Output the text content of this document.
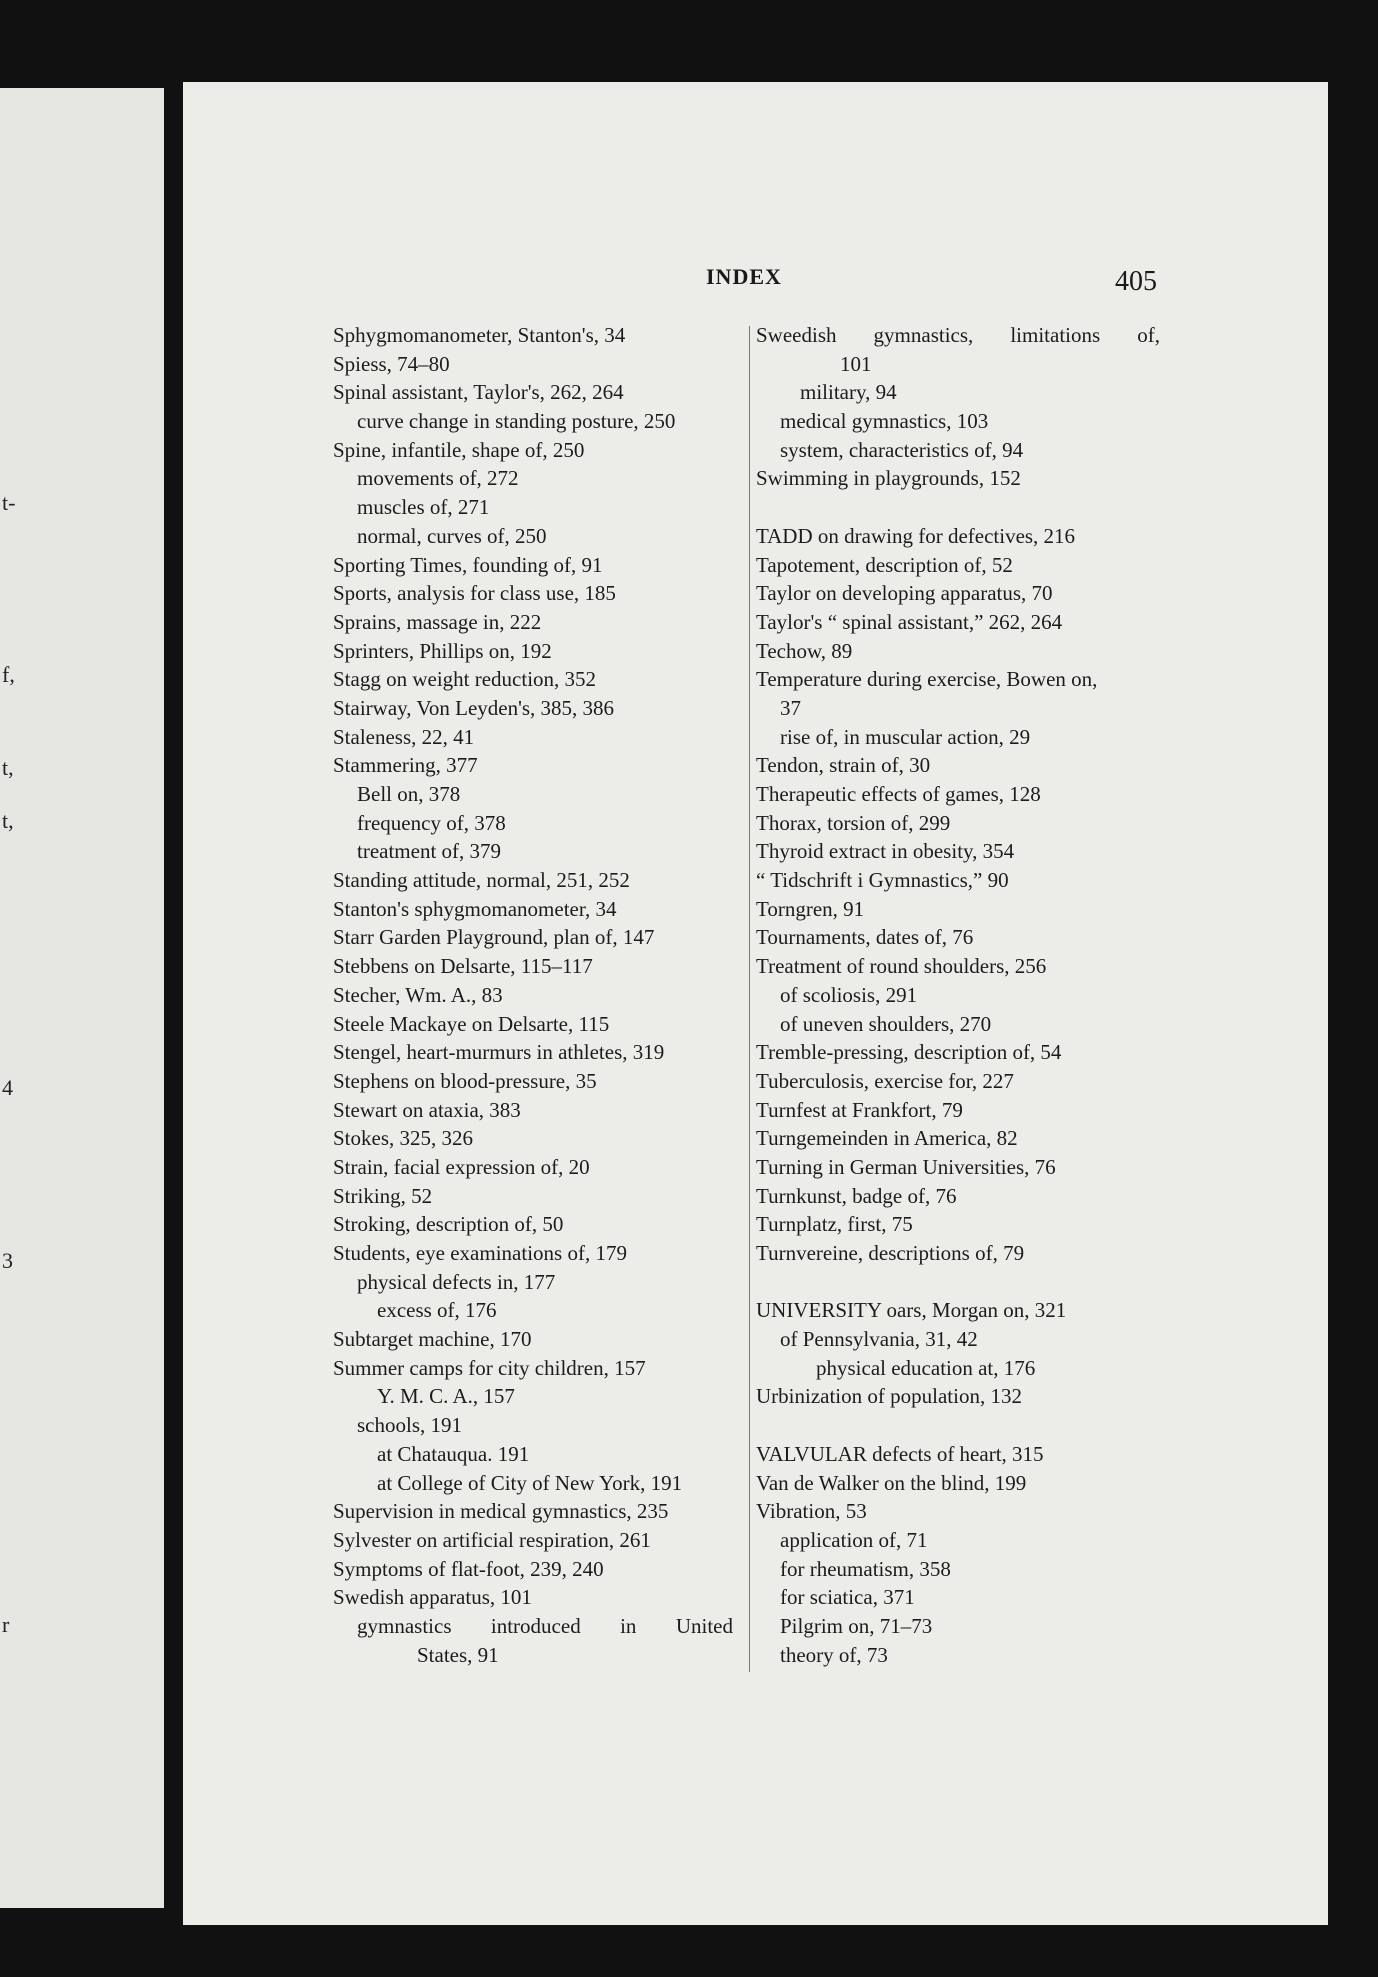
t-
f,
t,
t,
4
3
r
INDEX	405
Sphygmomanometer, Stanton's, 34
Spiess, 74–80
Spinal assistant, Taylor's, 262, 264
curve change in standing posture, 250
Spine, infantile, shape of, 250
movements of, 272
muscles of, 271
normal, curves of, 250
Sporting Times, founding of, 91
Sports, analysis for class use, 185
Sprains, massage in, 222
Sprinters, Phillips on, 192
Stagg on weight reduction, 352
Stairway, Von Leyden's, 385, 386
Staleness, 22, 41
Stammering, 377
Bell on, 378
frequency of, 378
treatment of, 379
Standing attitude, normal, 251, 252
Stanton's sphygmomanometer, 34
Starr Garden Playground, plan of, 147
Stebbens on Delsarte, 115–117
Stecher, Wm. A., 83
Steele Mackaye on Delsarte, 115
Stengel, heart-murmurs in athletes, 319
Stephens on blood-pressure, 35
Stewart on ataxia, 383
Stokes, 325, 326
Strain, facial expression of, 20
Striking, 52
Stroking, description of, 50
Students, eye examinations of, 179
physical defects in, 177
excess of, 176
Subtarget machine, 170
Summer camps for city children, 157
Y. M. C. A., 157
schools, 191
at Chatauqua. 191
at College of City of New York, 191
Supervision in medical gymnastics, 235
Sylvester on artificial respiration, 261
Symptoms of flat-foot, 239, 240
Swedish apparatus, 101
gymnastics introduced in United
States, 91
Sweedish gymnastics, limitations of,
101
military, 94
medical gymnastics, 103
system, characteristics of, 94
Swimming in playgrounds, 152
TADD on drawing for defectives, 216
Tapotement, description of, 52
Taylor on developing apparatus, 70
Taylor's “ spinal assistant,” 262, 264
Techow, 89
Temperature during exercise, Bowen on,
37
rise of, in muscular action, 29
Tendon, strain of, 30
Therapeutic effects of games, 128
Thorax, torsion of, 299
Thyroid extract in obesity, 354
“ Tidschrift i Gymnastics,” 90
Torngren, 91
Tournaments, dates of, 76
Treatment of round shoulders, 256
of scoliosis, 291
of uneven shoulders, 270
Tremble-pressing, description of, 54
Tuberculosis, exercise for, 227
Turnfest at Frankfort, 79
Turngemeinden in America, 82
Turning in German Universities, 76
Turnkunst, badge of, 76
Turnplatz, first, 75
Turnvereine, descriptions of, 79
UNIVERSITY oars, Morgan on, 321
of Pennsylvania, 31, 42
physical education at, 176
Urbinization of population, 132
VALVULAR defects of heart, 315
Van de Walker on the blind, 199
Vibration, 53
application of, 71
for rheumatism, 358
for sciatica, 371
Pilgrim on, 71–73
theory of, 73
